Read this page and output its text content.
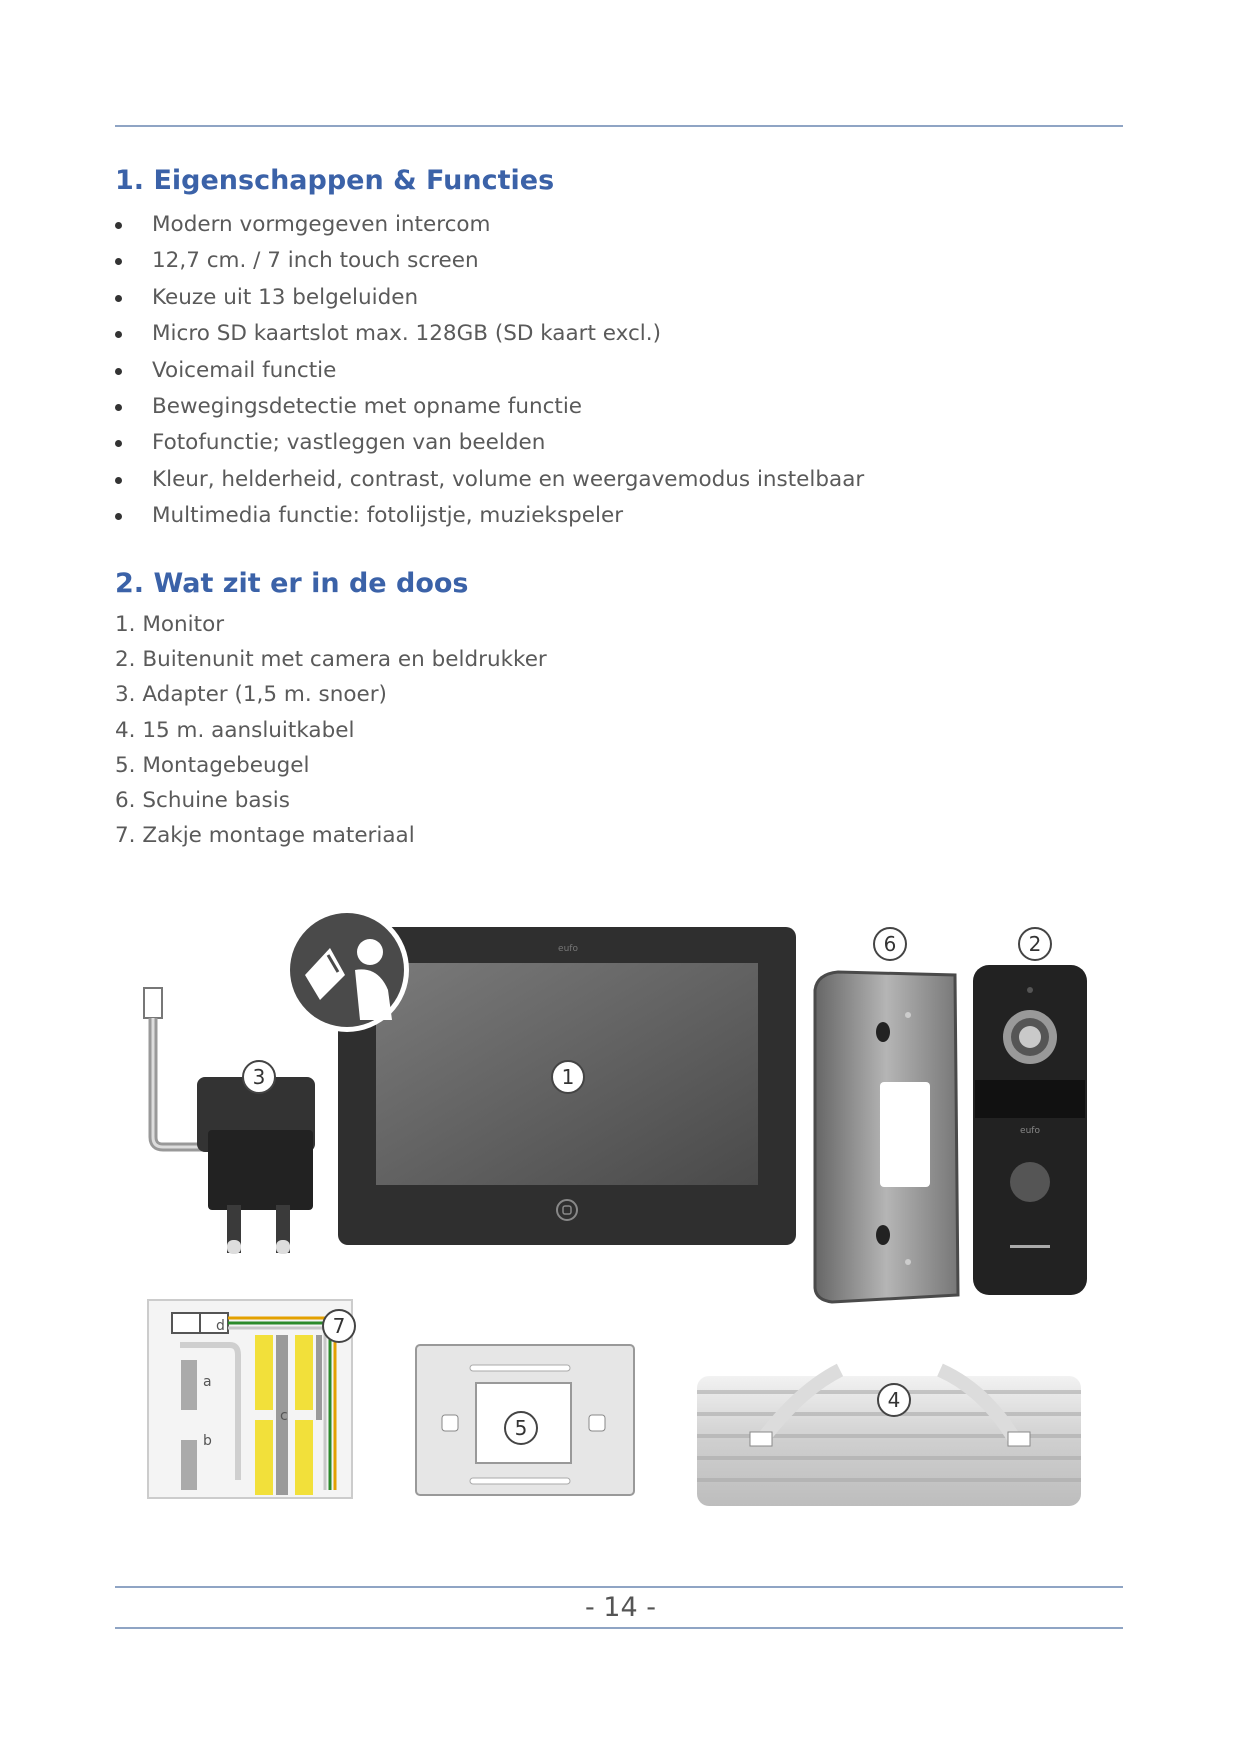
1. Eigenschappen & Functies
Modern vormgegeven intercom
12,7 cm. / 7 inch touch screen
Keuze uit 13 belgeluiden
Micro SD kaartslot max. 128GB (SD kaart excl.)
Voicemail functie
Bewegingsdetectie met opname functie
Fotofunctie; vastleggen van beelden
Kleur, helderheid, contrast, volume en weergavemodus instelbaar
Multimedia functie: fotolijstje, muziekspeler
2. Wat zit er in de doos
1. Monitor
2. Buitenunit met camera en beldrukker
3. Adapter (1,5 m. snoer)
4. 15 m. aansluitkabel
5. Montagebeugel
6. Schuine basis
7. Zakje montage materiaal
eufo
eufo
a
b
c
d
1
2
3
4
5
6
7
- 14 -
